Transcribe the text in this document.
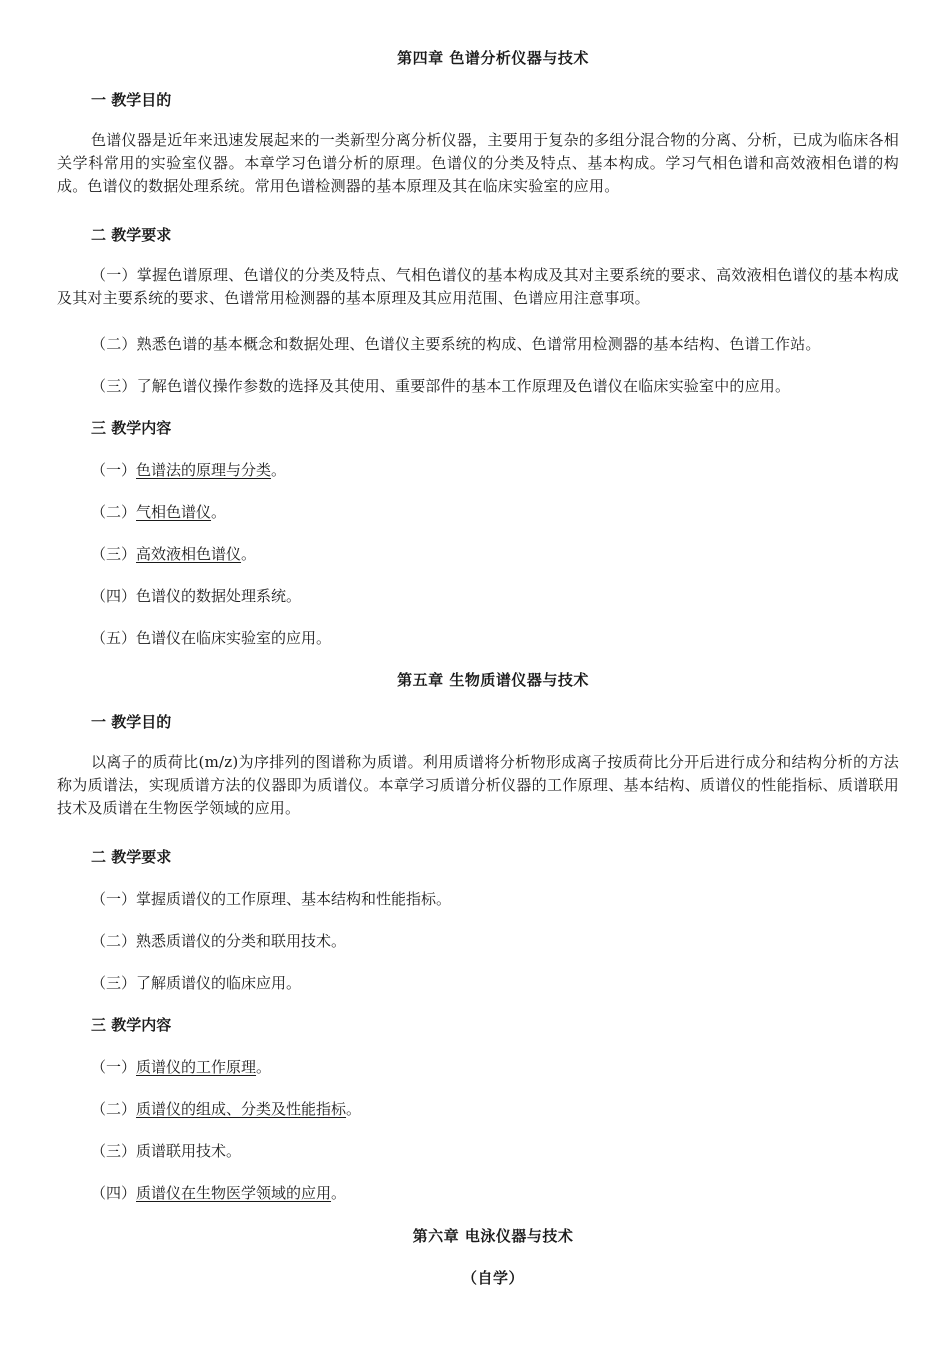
第四章 色谱分析仪器与技术
一 教学目的
色谱仪器是近年来迅速发展起来的一类新型分离分析仪器，主要用于复杂的多组分混合物的分离、分析，已成为临床各相关学科常用的实验室仪器。本章学习色谱分析的原理。色谱仪的分类及特点、基本构成。学习气相色谱和高效液相色谱的构成。色谱仪的数据处理系统。常用色谱检测器的基本原理及其在临床实验室的应用。
二 教学要求
（一）掌握色谱原理、色谱仪的分类及特点、气相色谱仪的基本构成及其对主要系统的要求、高效液相色谱仪的基本构成及其对主要系统的要求、色谱常用检测器的基本原理及其应用范围、色谱应用注意事项。
（二）熟悉色谱的基本概念和数据处理、色谱仪主要系统的构成、色谱常用检测器的基本结构、色谱工作站。
（三）了解色谱仪操作参数的选择及其使用、重要部件的基本工作原理及色谱仪在临床实验室中的应用。
三 教学内容
（一）色谱法的原理与分类。
（二）气相色谱仪。
（三）高效液相色谱仪。
（四）色谱仪的数据处理系统。
（五）色谱仪在临床实验室的应用。
第五章 生物质谱仪器与技术
一 教学目的
以离子的质荷比(m/z)为序排列的图谱称为质谱。利用质谱将分析物形成离子按质荷比分开后进行成分和结构分析的方法称为质谱法，实现质谱方法的仪器即为质谱仪。本章学习质谱分析仪器的工作原理、基本结构、质谱仪的性能指标、质谱联用技术及质谱在生物医学领域的应用。
二 教学要求
（一）掌握质谱仪的工作原理、基本结构和性能指标。
（二）熟悉质谱仪的分类和联用技术。
（三）了解质谱仪的临床应用。
三 教学内容
（一）质谱仪的工作原理。
（二）质谱仪的组成、分类及性能指标。
（三）质谱联用技术。
（四）质谱仪在生物医学领域的应用。
第六章 电泳仪器与技术
（自学）
